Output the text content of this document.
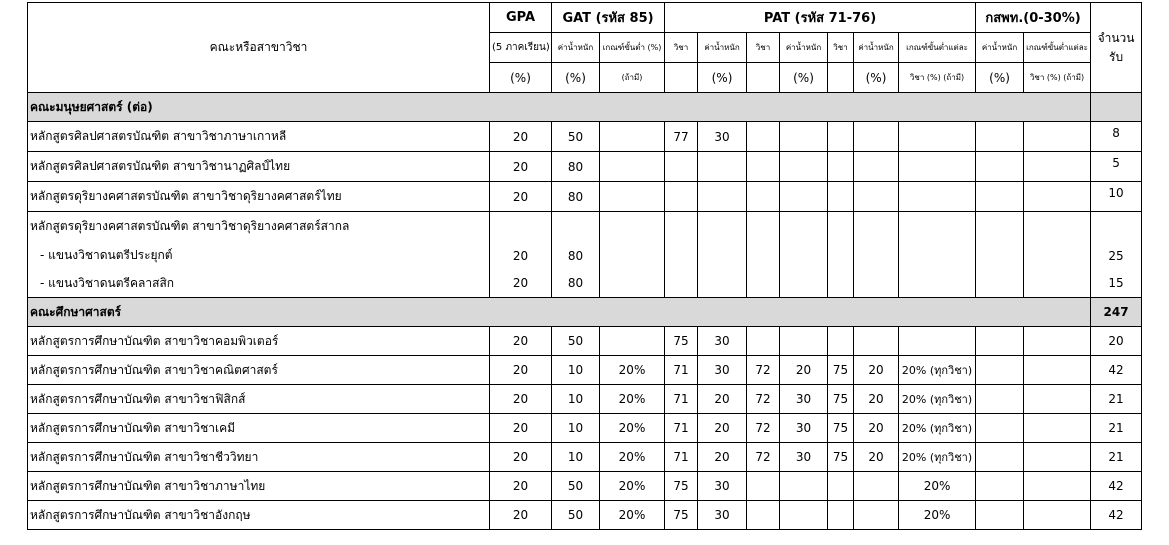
คณะหรือสาขาวิชา	GPA	GAT (รหัส 85)		PAT (รหัส 71-76)							กสพท.(0-30%)		จำนวน
รับ

	(5 ภาคเรียน)	ค่าน้ำหนัก	เกณฑ์ขั้นต่ำ (%)	วิชา	ค่าน้ำหนัก	วิชา	ค่าน้ำหนัก	วิชา	ค่าน้ำหนัก	เกณฑ์ขั้นต่ำแต่ละ	ค่าน้ำหนัก	เกณฑ์ขั้นต่ำแต่ละ	
	(%)	(%)	(ถ้ามี)		(%)		(%)		(%)	วิชา (%) (ถ้ามี)	(%)	วิชา (%) (ถ้ามี)	
คณะมนุษยศาสตร์ (ต่อ)													
หลักสูตรศิลปศาสตรบัณฑิต สาขาวิชาภาษาเกาหลี	20	50		77	30								8
หลักสูตรศิลปศาสตรบัณฑิต สาขาวิชานาฏศิลป์ไทย	20	80											5
หลักสูตรดุริยางคศาสตรบัณฑิต สาขาวิชาดุริยางคศาสตร์ไทย	20	80											10
หลักสูตรดุริยางคศาสตรบัณฑิต สาขาวิชาดุริยางคศาสตร์สากล													
- แขนงวิชาดนตรีประยุกต์	20	80											25
- แขนงวิชาดนตรีคลาสสิก	20	80											15
คณะศึกษาศาสตร์													247
หลักสูตรการศึกษาบัณฑิต สาขาวิชาคอมพิวเตอร์	20	50		75	30								20
หลักสูตรการศึกษาบัณฑิต สาขาวิชาคณิตศาสตร์	20	10	20%	71	30	72	20	75	20	20% (ทุกวิชา)			42
หลักสูตรการศึกษาบัณฑิต สาขาวิชาฟิสิกส์	20	10	20%	71	20	72	30	75	20	20% (ทุกวิชา)			21
หลักสูตรการศึกษาบัณฑิต สาขาวิชาเคมี	20	10	20%	71	20	72	30	75	20	20% (ทุกวิชา)			21
หลักสูตรการศึกษาบัณฑิต สาขาวิชาชีววิทยา	20	10	20%	71	20	72	30	75	20	20% (ทุกวิชา)			21
หลักสูตรการศึกษาบัณฑิต สาขาวิชาภาษาไทย	20	50	20%	75	30					20%			42
หลักสูตรการศึกษาบัณฑิต สาขาวิชาอังกฤษ	20	50	20%	75	30					20%			42
